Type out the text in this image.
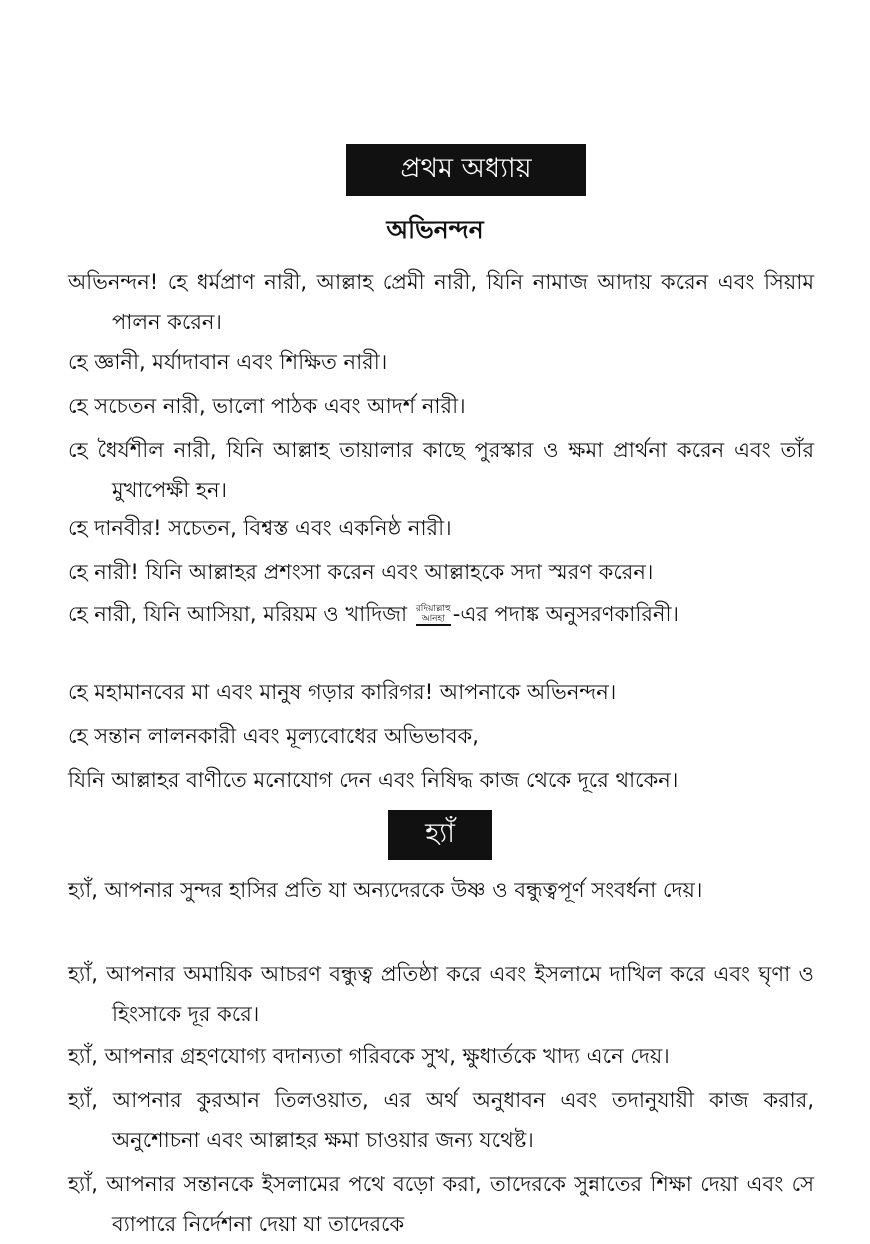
প্রথম অধ্যায়
অভিনন্দন
অভিনন্দন! হে ধর্মপ্রাণ নারী, আল্লাহ প্রেমী নারী, যিনি নামাজ আদায় করেন এবং সিয়াম পালন করেন।
হে জ্ঞানী, মর্যাদাবান এবং শিক্ষিত নারী।
হে সচেতন নারী, ভালো পাঠক এবং আদর্শ নারী।
হে ধৈর্যশীল নারী, যিনি আল্লাহ তায়ালার কাছে পুরস্কার ও ক্ষমা প্রার্থনা করেন এবং তাঁর মুখাপেক্ষী হন।
হে দানবীর! সচেতন, বিশ্বস্ত এবং একনিষ্ঠ নারী।
হে নারী! যিনি আল্লাহর প্রশংসা করেন এবং আল্লাহকে সদা স্মরণ করেন।
হে নারী, যিনি আসিয়া, মরিয়ম ও খাদিজা রদিয়াল্লাহু
আনহা -এর পদাঙ্ক অনুসরণকারিনী।
হে মহামানবের মা এবং মানুষ গড়ার কারিগর! আপনাকে অভিনন্দন।
হে সন্তান লালনকারী এবং মূল্যবোধের অভিভাবক,
যিনি আল্লাহর বাণীতে মনোযোগ দেন এবং নিষিদ্ধ কাজ থেকে দূরে থাকেন।
হ্যাঁ
হ্যাঁ, আপনার সুন্দর হাসির প্রতি যা অন্যদেরকে উষ্ণ ও বন্ধুত্বপূর্ণ সংবর্ধনা দেয়।
হ্যাঁ, আপনার অমায়িক আচরণ বন্ধুত্ব প্রতিষ্ঠা করে এবং ইসলামে দাখিল করে এবং ঘৃণা ও হিংসাকে দূর করে।
হ্যাঁ, আপনার গ্রহণযোগ্য বদান্যতা গরিবকে সুখ, ক্ষুধার্তকে খাদ্য এনে দেয়।
হ্যাঁ, আপনার কুরআন তিলওয়াত, এর অর্থ অনুধাবন এবং তদানুযায়ী কাজ করার, অনুশোচনা এবং আল্লাহর ক্ষমা চাওয়ার জন্য যথেষ্ট।
হ্যাঁ, আপনার সন্তানকে ইসলামের পথে বড়ো করা, তাদেরকে সুন্নাতের শিক্ষা দেয়া এবং সে ব্যাপারে নির্দেশনা দেয়া যা তাদেরকে
